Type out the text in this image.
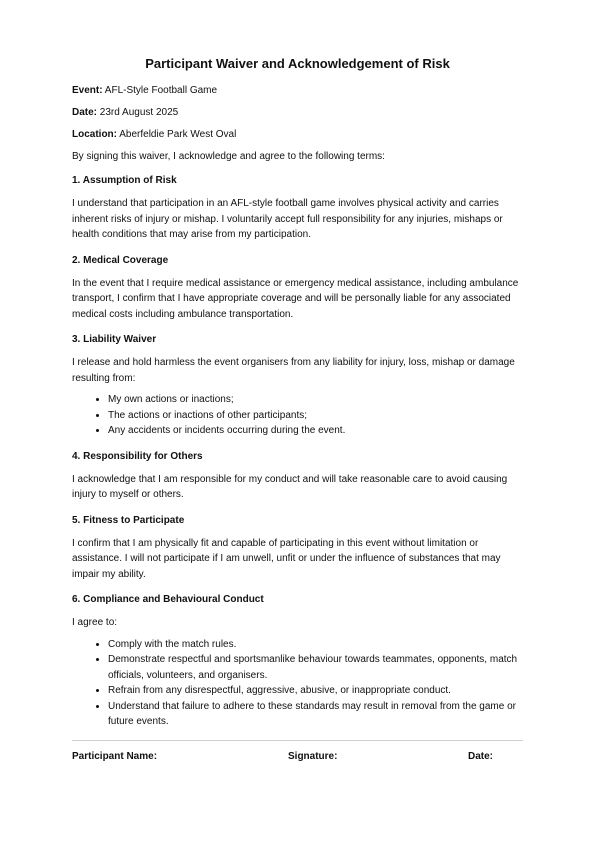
Participant Waiver and Acknowledgement of Risk

Event: AFL-Style Football Game

Date: 23rd August 2025

Location: Aberfeldie Park West Oval

By signing this waiver, I acknowledge and agree to the following terms:

1. Assumption of Risk

I understand that participation in an AFL-style football game involves physical activity and carries inherent risks of injury or mishap. I voluntarily accept full responsibility for any injuries, mishaps or health conditions that may arise from my participation.

2. Medical Coverage

In the event that I require medical assistance or emergency medical assistance, including ambulance transport, I confirm that I have appropriate coverage and will be personally liable for any associated medical costs including ambulance transportation.

3. Liability Waiver

I release and hold harmless the event organisers from any liability for injury, loss, mishap or damage resulting from:

• My own actions or inactions;
• The actions or inactions of other participants;
• Any accidents or incidents occurring during the event.
4. Responsibility for Others

I acknowledge that I am responsible for my conduct and will take reasonable care to avoid causing injury to myself or others.

5. Fitness to Participate

I confirm that I am physically fit and capable of participating in this event without limitation or assistance. I will not participate if I am unwell, unfit or under the influence of substances that may impair my ability.

6. Compliance and Behavioural Conduct

I agree to:

• Comply with the match rules.
• Demonstrate respectful and sportsmanlike behaviour towards teammates, opponents, match officials, volunteers, and organisers.
• Refrain from any disrespectful, aggressive, abusive, or inappropriate conduct.
• Understand that failure to adhere to these standards may result in removal from the game or future events.
Participant Name:	Signature:	Date:
